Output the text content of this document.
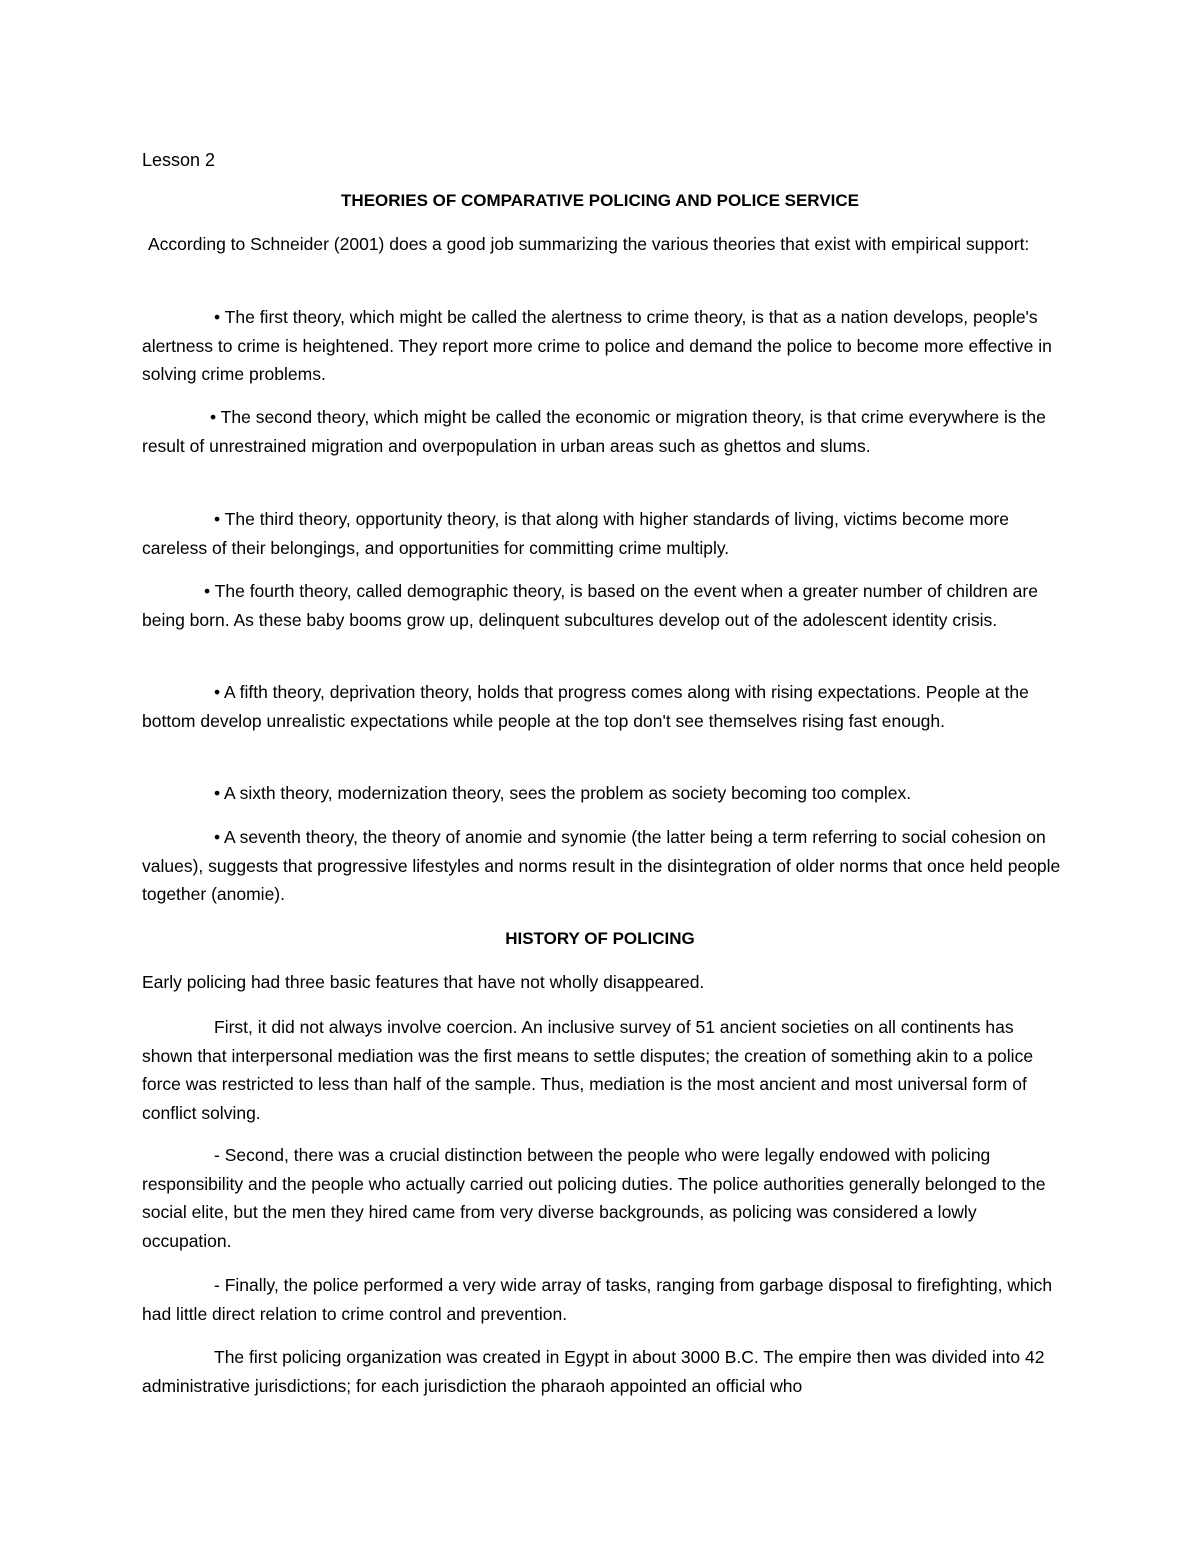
Lesson 2

THEORIES OF COMPARATIVE POLICING AND POLICE SERVICE

According to Schneider (2001) does a good job summarizing the various theories that exist with empirical support:

• The first theory, which might be called the alertness to crime theory, is that as a nation develops, people's alertness to crime is heightened. They report more crime to police and demand the police to become more effective in solving crime problems.

• The second theory, which might be called the economic or migration theory, is that crime everywhere is the result of unrestrained migration and overpopulation in urban areas such as ghettos and slums.

• The third theory, opportunity theory, is that along with higher standards of living, victims become more careless of their belongings, and opportunities for committing crime multiply.

• The fourth theory, called demographic theory, is based on the event when a greater number of children are being born. As these baby booms grow up, delinquent subcultures develop out of the adolescent identity crisis.

• A fifth theory, deprivation theory, holds that progress comes along with rising expectations. People at the bottom develop unrealistic expectations while people at the top don't see themselves rising fast enough.

• A sixth theory, modernization theory, sees the problem as society becoming too complex.

• A seventh theory, the theory of anomie and synomie (the latter being a term referring to social cohesion on values), suggests that progressive lifestyles and norms result in the disintegration of older norms that once held people together (anomie).

HISTORY OF POLICING

Early policing had three basic features that have not wholly disappeared.

First, it did not always involve coercion. An inclusive survey of 51 ancient societies on all continents has shown that interpersonal mediation was the first means to settle disputes; the creation of something akin to a police force was restricted to less than half of the sample. Thus, mediation is the most ancient and most universal form of conflict solving.

- Second, there was a crucial distinction between the people who were legally endowed with policing responsibility and the people who actually carried out policing duties. The police authorities generally belonged to the social elite, but the men they hired came from very diverse backgrounds, as policing was considered a lowly occupation.

- Finally, the police performed a very wide array of tasks, ranging from garbage disposal to firefighting, which had little direct relation to crime control and prevention.

The first policing organization was created in Egypt in about 3000 B.C. The empire then was divided into 42 administrative jurisdictions; for each jurisdiction the pharaoh appointed an official who
